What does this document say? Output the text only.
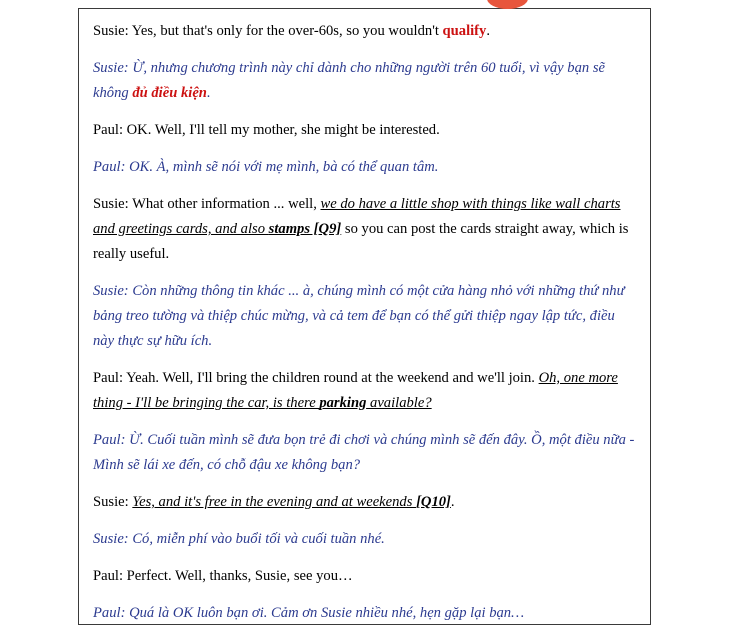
Susie: Yes, but that's only for the over-60s, so you wouldn't qualify.

Susie: Ừ, nhưng chương trình này chỉ dành cho những người trên 60 tuổi, vì vậy bạn sẽ không đủ điều kiện.

Paul: OK. Well, I'll tell my mother, she might be interested.

Paul: OK. À, mình sẽ nói với mẹ mình, bà có thể quan tâm.

Susie: What other information ... well, we do have a little shop with things like wall charts and greetings cards, and also stamps [Q9] so you can post the cards straight away, which is really useful.

Susie: Còn những thông tin khác ... à, chúng mình có một cửa hàng nhỏ với những thứ như bảng treo tường và thiệp chúc mừng, và cả tem để bạn có thể gửi thiệp ngay lập tức, điều này thực sự hữu ích.

Paul: Yeah. Well, I'll bring the children round at the weekend and we'll join. Oh, one more thing - I'll be bringing the car, is there parking available?

Paul: Ừ. Cuối tuần mình sẽ đưa bọn trẻ đi chơi và chúng mình sẽ đến đây. Ồ, một điều nữa - Mình sẽ lái xe đến, có chỗ đậu xe không bạn?

Susie: Yes, and it's free in the evening and at weekends [Q10].

Susie: Có, miễn phí vào buổi tối và cuối tuần nhé.

Paul: Perfect. Well, thanks, Susie, see you…

Paul: Quá là OK luôn bạn ơi. Cảm ơn Susie nhiều nhé, hẹn gặp lại bạn…
